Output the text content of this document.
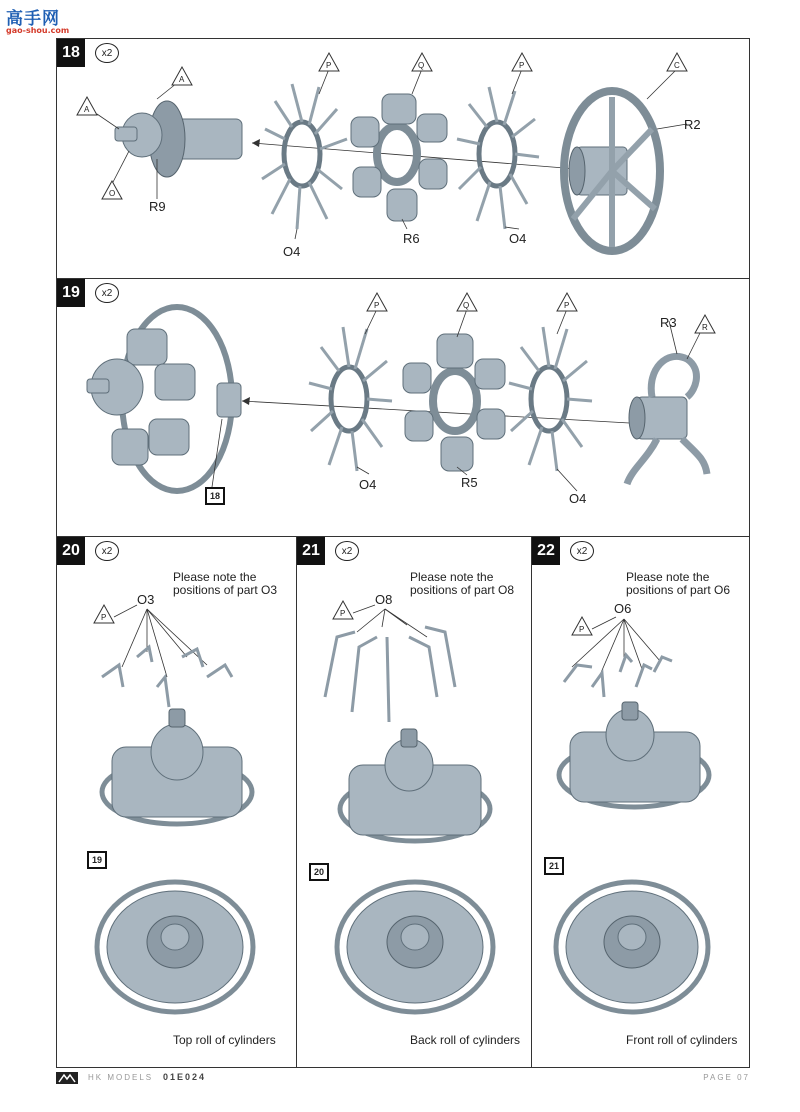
高手网
gao-shou.com
18	x2
A
A
O
P	Q	P	C
R9
O4
R6	O4
R2
19	x2
P	Q	P
R
18
O4	R5
O4
R3
20	x2
Please note the
positions of part O3
O3
P
19
Top roll of cylinders
21	x2
Please note the
positions of part O8
O8
P
20
Back roll of cylinders
22	x2
Please note the
positions of part O6
O6
P
21
Front roll of cylinders
HK MODELS 01E024	PAGE 07
